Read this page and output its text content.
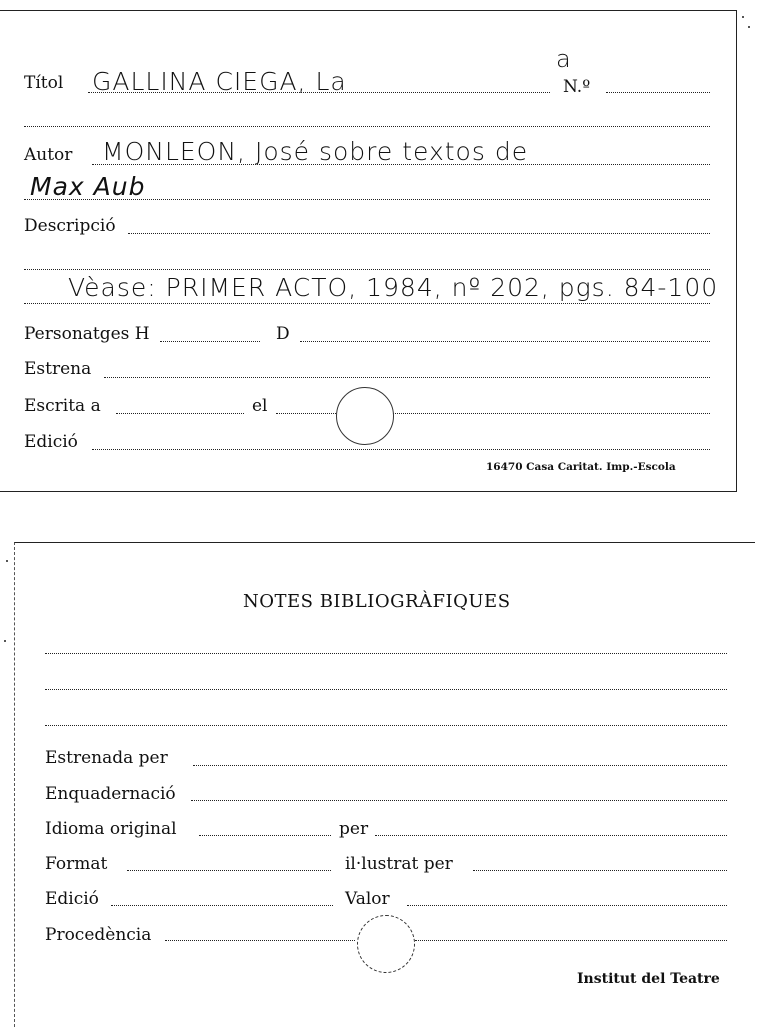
Títol GALLINA CIEGA, La
a
N.º
Autor MONLEON, José sobre textos de
Max Aub
Descripció
Vèase: PRIMER ACTO, 1984, nº 202, pgs. 84-100
Personatges H	D
Estrena
Escrita a	el
Edició
16470 Casa Caritat. Imp.-Escola
NOTES BIBLIOGRÀFIQUES
Estrenada per
Enquadernació
Idioma original	per
Format	il·lustrat per
Edició	Valor
Procedència
Institut del Teatre
